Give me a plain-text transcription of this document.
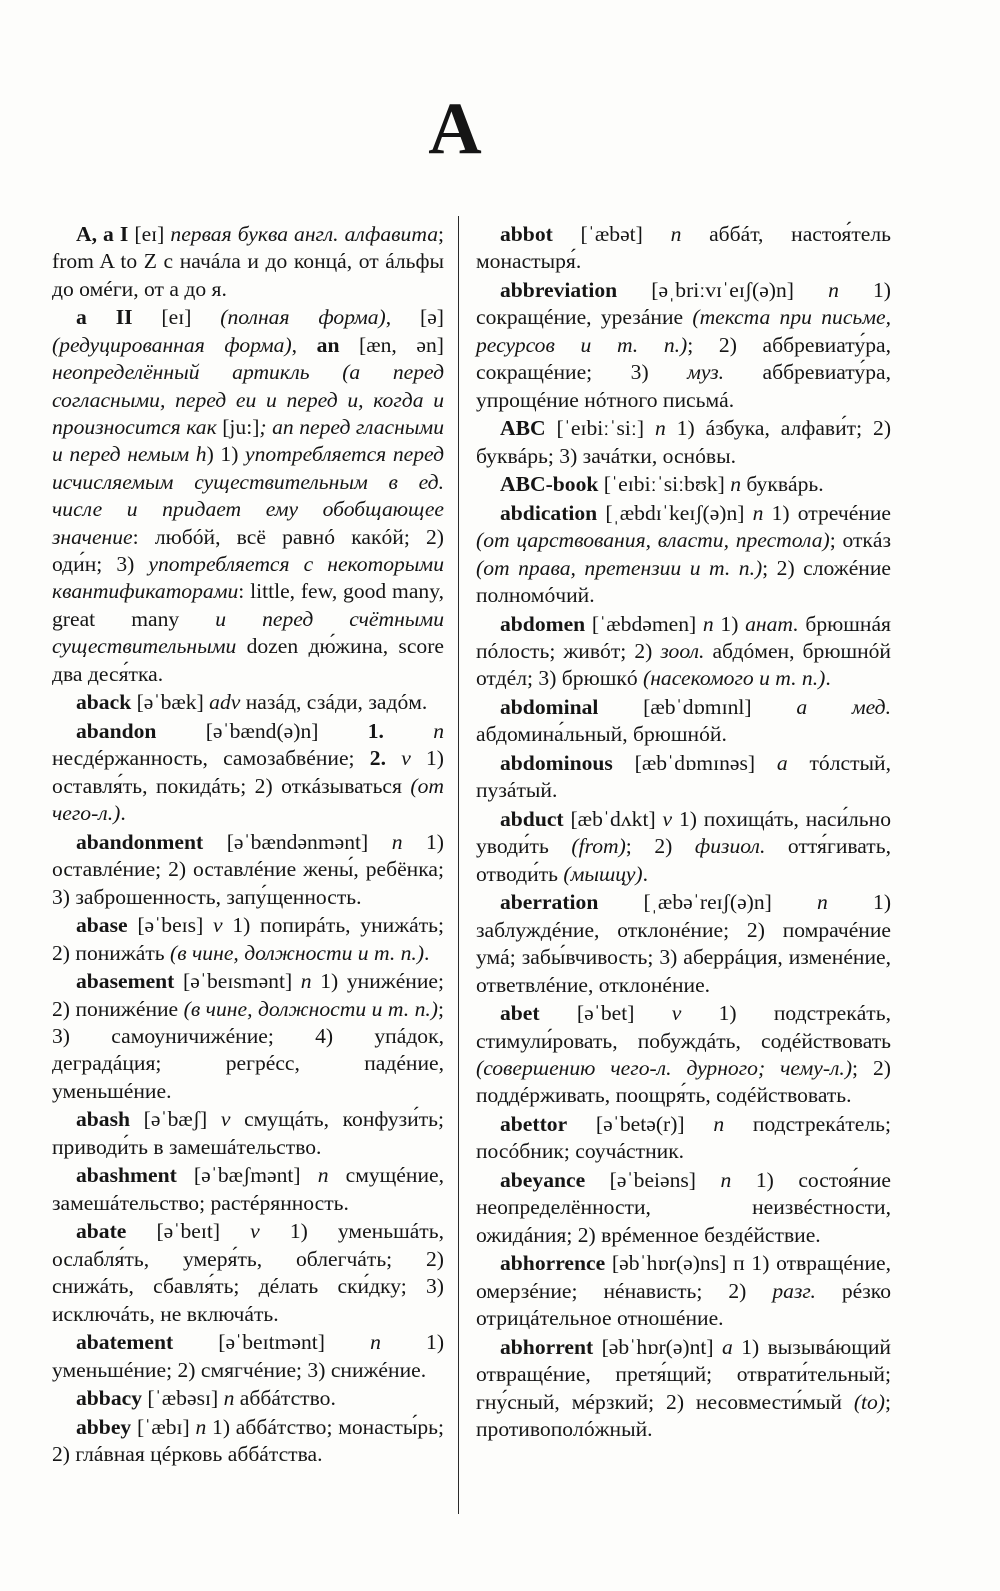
A

A, a I [eɪ] первая буква англ. алфавита; from A to Z с начáла и до концá, от áльфы до омéги, от а до я.

a II [eɪ] (полная форма), [ə] (редуцированная форма), an [æn, ən] неопределённый артикль (a перед согласными, перед eu и перед u, когда и произносится как [ju:]; an перед гласными и перед немым h) 1) употребляется перед исчисляемым существительным в ед. числе и придает ему обобщающее значение: любóй, всё равнó какóй; 2) оди́н; 3) употребляется с некоторыми квантификаторами: little, few, good many, great many и перед счётными существительными dozen дю́жина, score два деся́тка.

aback [əˈbæk] adv назáд, сзáди, задóм.

abandon [əˈbænd(ə)n] 1. n несдéржанность, самозабвéние; 2. v 1) оставля́ть, покидáть; 2) откáзываться (от чего-л.).

abandonment [əˈbændənmənt] n 1) оставлéние; 2) оставлéние жены́, ребёнка; 3) заброшенность, запу́щенность.

abase [əˈbeɪs] v 1) попирáть, унижáть; 2) понижáть (в чине, должности и т. п.).

abasement [əˈbeɪsmənt] n 1) унижéние; 2) понижéние (в чине, должности и т. п.); 3) самоуничижéние; 4) упáдок, деградáция; регрéсс, падéние, уменьшéние.

abash [əˈbæʃ] v смущáть, конфузи́ть; приводи́ть в замешáтельство.

abashment [əˈbæʃmənt] n смущéние, замешáтельство; растéрянность.

abate [əˈbeɪt] v 1) уменьшáть, ослабля́ть, умеря́ть, облегчáть; 2) снижáть, сбавля́ть; дéлать ски́дку; 3) исключáть, не включáть.

abatement [əˈbeɪtmənt] n 1) уменьшéние; 2) смягчéние; 3) снижéние.

abbacy [ˈæbəsɪ] n аббáтство.

abbey [ˈæbɪ] n 1) аббáтство; монасты́рь; 2) глáвная цéрковь аббáтства.

abbot [ˈæbət] n аббáт, настоя́тель монастыря́.

abbreviation [əˌbriːvɪˈeɪʃ(ə)n] n 1) сокращéние, урезáние (текста при письме, ресурсов и т. п.); 2) аббревиату́ра, сокращéние; 3) муз. аббревиату́ра, упрощéние нóтного письмá.

ABC [ˈeɪbiːˈsiː] n 1) áзбука, алфави́т; 2) буквáрь; 3) зачáтки, оснóвы.

ABC-book [ˈeɪbiːˈsiːbʊk] n буквáрь.

abdication [ˌæbdɪˈkeɪʃ(ə)n] n 1) отречéние (от царствования, власти, престола); откáз (от права, претензии и т. п.); 2) сложéние полномóчий.

abdomen [ˈæbdəmen] n 1) анат. брюшнáя пóлость; живóт; 2) зоол. абдóмен, брюшнóй отдéл; 3) брюшкó (насекомого и т. п.).

abdominal [æbˈdɒmɪnl] a мед. абдомина́льный, брюшнóй.

abdominous [æbˈdɒmɪnəs] a тóлстый, пузáтый.

abduct [æbˈdʌkt] v 1) похищáть, наси́льно уводи́ть (from); 2) физиол. оття́гивать, отводи́ть (мышцу).

aberration [ˌæbəˈreɪʃ(ə)n] n 1) заблуждéние, отклонéние; 2) помрачéние умá; забы́вчивость; 3) аберрáция, изменéние, ответвлéние, отклонéние.

abet [əˈbet] v 1) подстрекáть, стимули́ровать, побуждáть, содéйствовать (совершению чего-л. дурного; чему-л.); 2) поддéрживать, поощря́ть, содéйствовать.

abettor [əˈbetə(r)] n подстрекáтель; посóбник; соучáстник.

abeyance [əˈbeiəns] n 1) состоя́ние неопределённости, неизвéстности, ожидáния; 2) врéменное бездéйствие.

abhorrence [əbˈhɒr(ə)ns] п 1) отвращéние, омерзéние; нéнависть; 2) разг. рéзко отрицáтельное отношéние.

abhorrent [əbˈhɒr(ə)nt] a 1) вызывáющий отвращéние, претя́щий; отврати́тельный; гну́сный, мéрзкий; 2) несовмести́мый (to); противопoлóжный.
